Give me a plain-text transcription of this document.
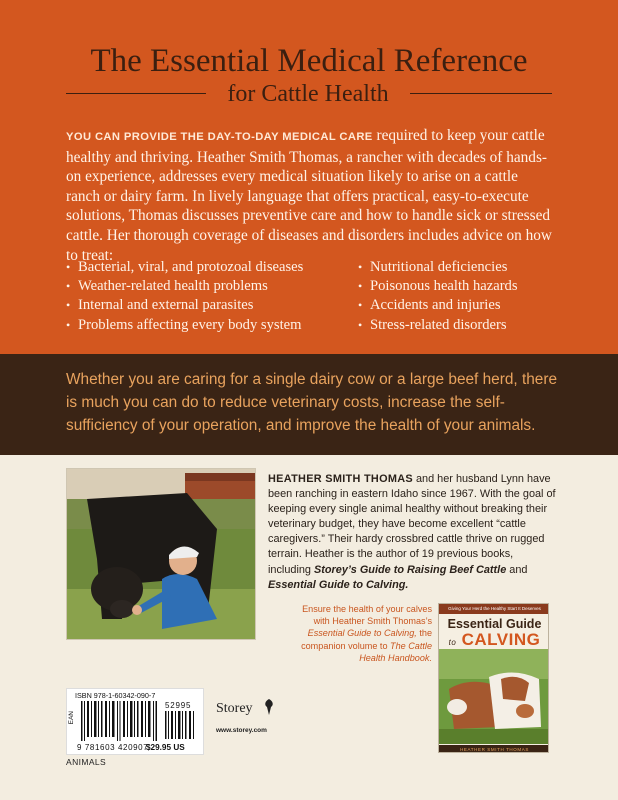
The Essential Medical Reference
for Cattle Health

YOU CAN PROVIDE THE DAY-TO-DAY MEDICAL CARE required to keep your cattle healthy and thriving. Heather Smith Thomas, a rancher with decades of hands-on experience, addresses every medical situation likely to arise on a cattle ranch or dairy farm. In lively language that offers practical, easy-to-execute solutions, Thomas discusses preventive care and how to handle sick or stressed cattle. Her thorough coverage of diseases and disorders includes advice on how to treat:

• Bacterial, viral, and protozoal diseases
• Weather-related health problems
• Internal and external parasites
• Problems affecting every body system
• Nutritional deficiencies
• Poisonous health hazards
• Accidents and injuries
• Stress-related disorders

Whether you are caring for a single dairy cow or a large beef herd, there is much you can do to reduce veterinary costs, increase the self-sufficiency of your operation, and improve the health of your animals.

HEATHER SMITH THOMAS and her husband Lynn have been ranching in eastern Idaho since 1967. With the goal of keeping every single animal healthy without breaking their veterinary budget, they have become excellent “cattle caregivers.” Their hardy crossbred cattle thrive on rugged terrain. Heather is the author of 19 previous books, including Storey’s Guide to Raising Beef Cattle and Essential Guide to Calving.

Ensure the health of your calves with Heather Smith Thomas’s Essential Guide to Calving, the companion volume to The Cattle Health Handbook.

Giving Your Herd the Healthy Start It Deserves
Essential Guide
to CALVING
HEATHER SMITH THOMAS
ISBN 978-1-60342-090-7
EAN
9 781603 420907
52995
$29.95 US
ANIMALS
Storey
www.storey.com
